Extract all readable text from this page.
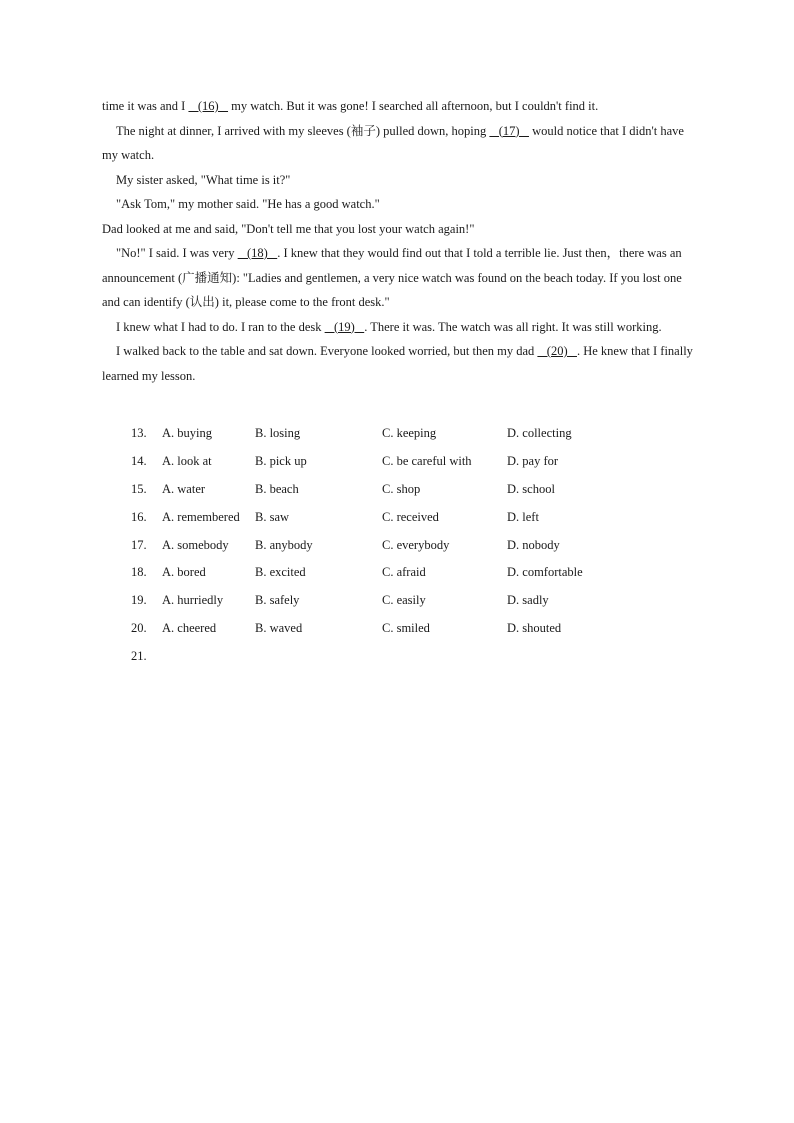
time it was and I    (16)    my watch. But it was gone! I searched all afternoon, but I couldn't find it.

The night at dinner, I arrived with my sleeves (袖子) pulled down, hoping    (17)    would notice that I didn't have my watch.

My sister asked, "What time is it?"

"Ask Tom," my mother said. "He has a good watch."

Dad looked at me and said, "Don't tell me that you lost your watch again!"

"No!" I said. I was very    (18)   . I knew that they would find out that I told a terrible lie. Just then，there was an announcement (广播通知): "Ladies and gentlemen, a very nice watch was found on the beach today. If you lost one and can identify (认出) it, please come to the front desk."

I knew what I had to do. I ran to the desk    (19)   . There it was. The watch was all right. It was still working.

I walked back to the table and sat down. Everyone looked worried, but then my dad    (20)   . He knew that I finally learned my lesson.

13.	A. buying	B. losing	C. keeping	D. collecting
14.	A. look at	B. pick up	C. be careful with	D. pay for
15.	A. water	B. beach	C. shop	D. school
16.	A. remembered	B. saw	C. received	D. left
17.	A. somebody	B. anybody	C. everybody	D. nobody
18.	A. bored	B. excited	C. afraid	D. comfortable
19.	A. hurriedly	B. safely	C. easily	D. sadly
20.	A. cheered	B. waved	C. smiled	D. shouted
21.
